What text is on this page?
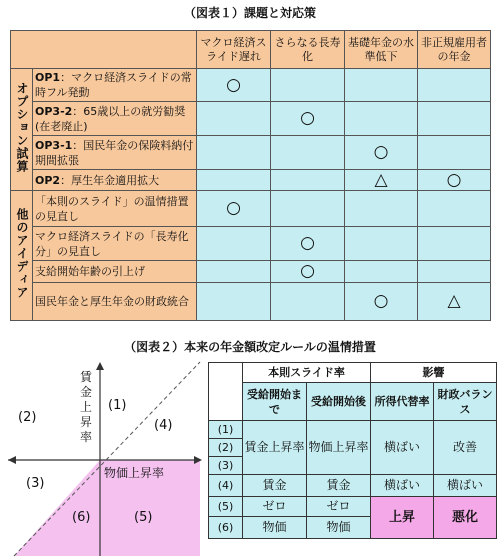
（図表１）課題と対応策
		マクロ経済スライド遅れ	さらなる長寿化	基礎年金の水準低下	非正規雇用者の年金
オプション試算	OP1：マクロ経済スライドの常時フル発動	○			
	OP3-2：65歳以上の就労勧奨(在老廃止)		○		
	OP3-1：国民年金の保険料納付期間拡張			○	
	OP2：厚生年金適用拡大			△	○
他のアイディア	「本則のスライド」の温情措置の見直し	○			
	マクロ経済スライドの「長寿化分」の見直し		○		
	支給開始年齢の引上げ		○		
	国民年金と厚生年金の財政統合			○	△
（図表２）本来の年金額改定ルールの温情措置
賃金上昇率
物価上昇率
(1)
(2)
(3)
(4)
(5)
(6)
	本則スライド率		影響	
	受給開始まで	受給開始後	所得代替率	財政バランス
(1)	賃金上昇率	物価上昇率	横ばい	改善
(2)				
(3)				
(4)	賃金	賃金	横ばい	横ばい
(5)	ゼロ	ゼロ	上昇	悪化
(6)	物価	物価		
